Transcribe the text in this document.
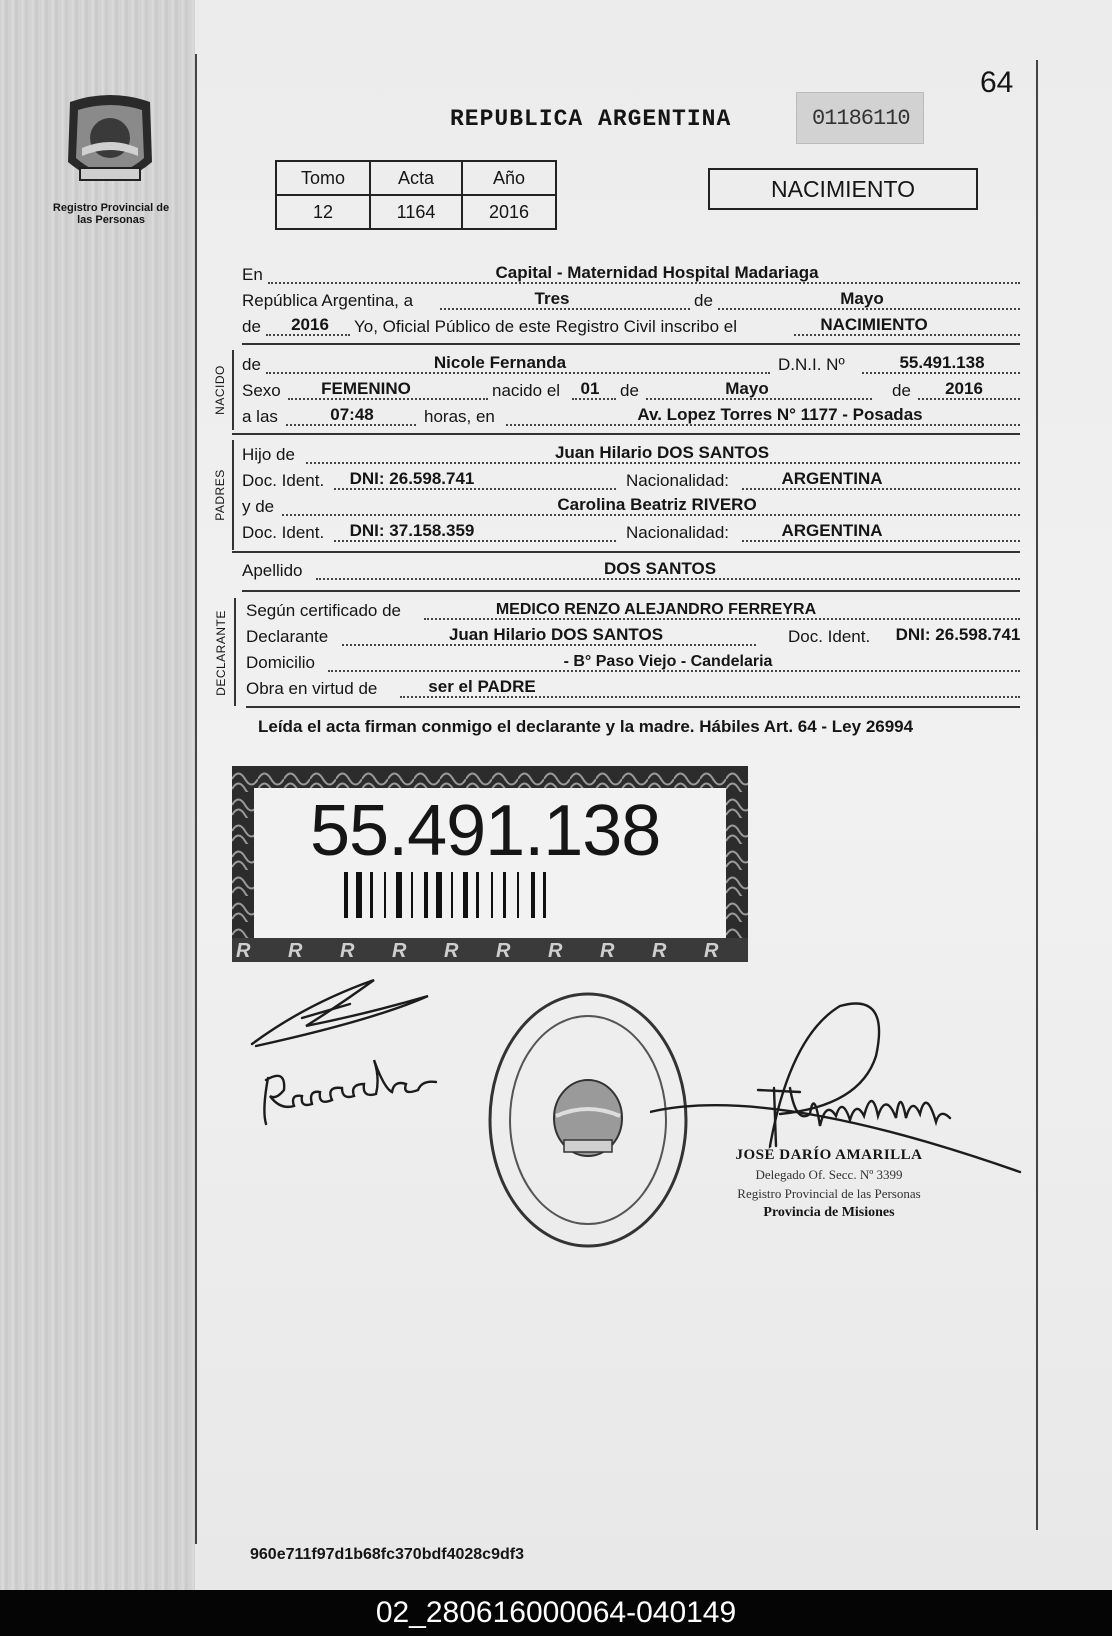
Registro Provincial de las Personas
64
REPUBLICA ARGENTINA	01186110
Tomo	Acta	Año
12	1164	2016
NACIMIENTO
En	Capital - Maternidad Hospital Madariaga
República Argentina, a	Tres	de	Mayo
de 2016 Yo, Oficial Público de este Registro Civil inscribo el	NACIMIENTO
NACIDO
de	Nicole Fernanda	D.N.I. Nº	55.491.138
Sexo FEMENINO	nacido el 01 de	Mayo	de 2016
a las	07:48	horas, en	Av. Lopez Torres N° 1177 - Posadas
PADRES
Hijo de	Juan Hilario DOS SANTOS
Doc. Ident. DNI: 26.598.741	Nacionalidad:	ARGENTINA
y de	Carolina Beatriz RIVERO
Doc. Ident. DNI: 37.158.359	Nacionalidad:	ARGENTINA
Apellido	DOS SANTOS
DECLARANTE Según certificado de	MEDICO RENZO ALEJANDRO FERREYRA
Declarante	Juan Hilario DOS SANTOS	Doc. Ident. DNI: 26.598.741
Domicilio	- B° Paso Viejo - Candelaria
Obra en virtud de	ser el PADRE
Leída el acta firman conmigo el declarante y la madre. Hábiles Art. 64 - Ley 26994
R R R R R R R R R R
55.491.138
JOSÉ DARÍO AMARILLA
Delegado Of. Secc. Nº 3399
Registro Provincial de las Personas
Provincia de Misiones
960e711f97d1b68fc370bdf4028c9df3
02_280616000064-040149
